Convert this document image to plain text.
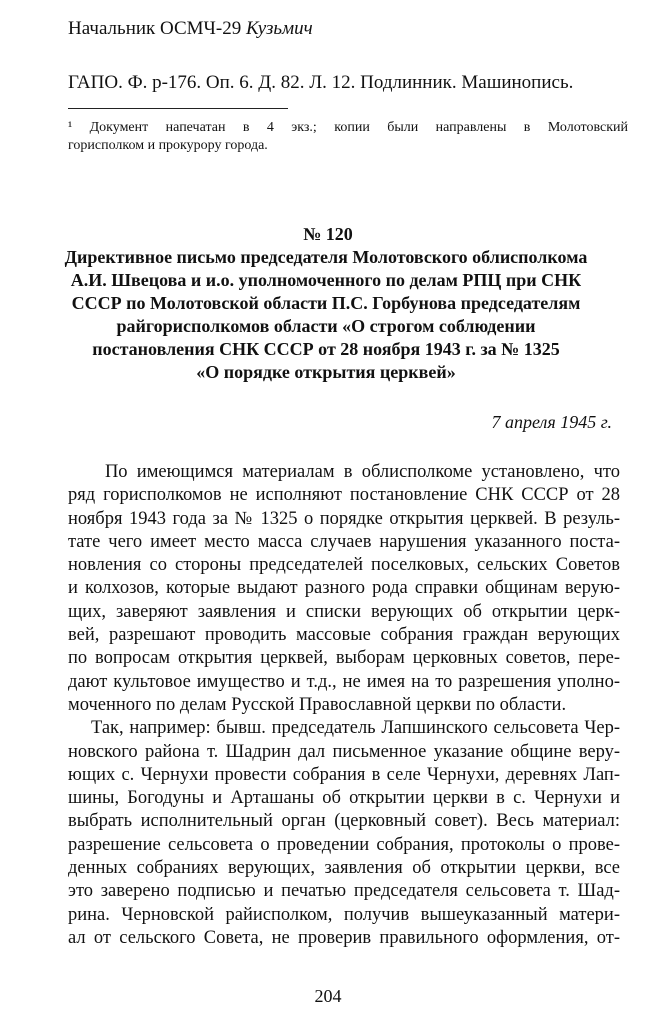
Начальник ОСМЧ-29 Кузьмич
ГАПО. Ф. р-176. Оп. 6. Д. 82. Л. 12. Подлинник. Машинопись.
¹ Документ напечатан в 4 экз.; копии были направлены в Молотовский
горисполком и прокурору города.
№ 120
Директивное письмо председателя Молотовского облисполкома
А.И. Швецова и и.о. уполномоченного по делам РПЦ при СНК
СССР по Молотовской области П.С. Горбунова председателям
райгорисполкомов области «О строгом соблюдении
постановления СНК СССР от 28 ноября 1943 г. за № 1325
«О порядке открытия церквей»
7 апреля 1945 г.

По имеющимся материалам в облисполкоме установлено, что

ряд горисполкомов не исполняют постановление СНК СССР от 28

ноября 1943 года за № 1325 о порядке открытия церквей. В резуль-

тате чего имеет место масса случаев нарушения указанного поста-

новления со стороны председателей поселковых, сельских Советов

и колхозов, которые выдают разного рода справки общинам верую-

щих, заверяют заявления и списки верующих об открытии церк-

вей, разрешают проводить массовые собрания граждан верующих

по вопросам открытия церквей, выборам церковных советов, пере-

дают культовое имущество и т.д., не имея на то разрешения уполно-

моченного по делам Русской Православной церкви по области.

Так, например: бывш. председатель Лапшинского сельсовета Чер-

новского района т. Шадрин дал письменное указание общине веру-

ющих с. Чернухи провести собрания в селе Чернухи, деревнях Лап-

шины, Богодуны и Арташаны об открытии церкви в с. Чернухи и

выбрать исполнительный орган (церковный совет). Весь материал:

разрешение сельсовета о проведении собрания, протоколы о прове-

денных собраниях верующих, заявления об открытии церкви, все

это заверено подписью и печатью председателя сельсовета т. Шад-

рина. Черновской райисполком, получив вышеуказанный матери-

ал от сельского Совета, не проверив правильного оформления, от-

204
